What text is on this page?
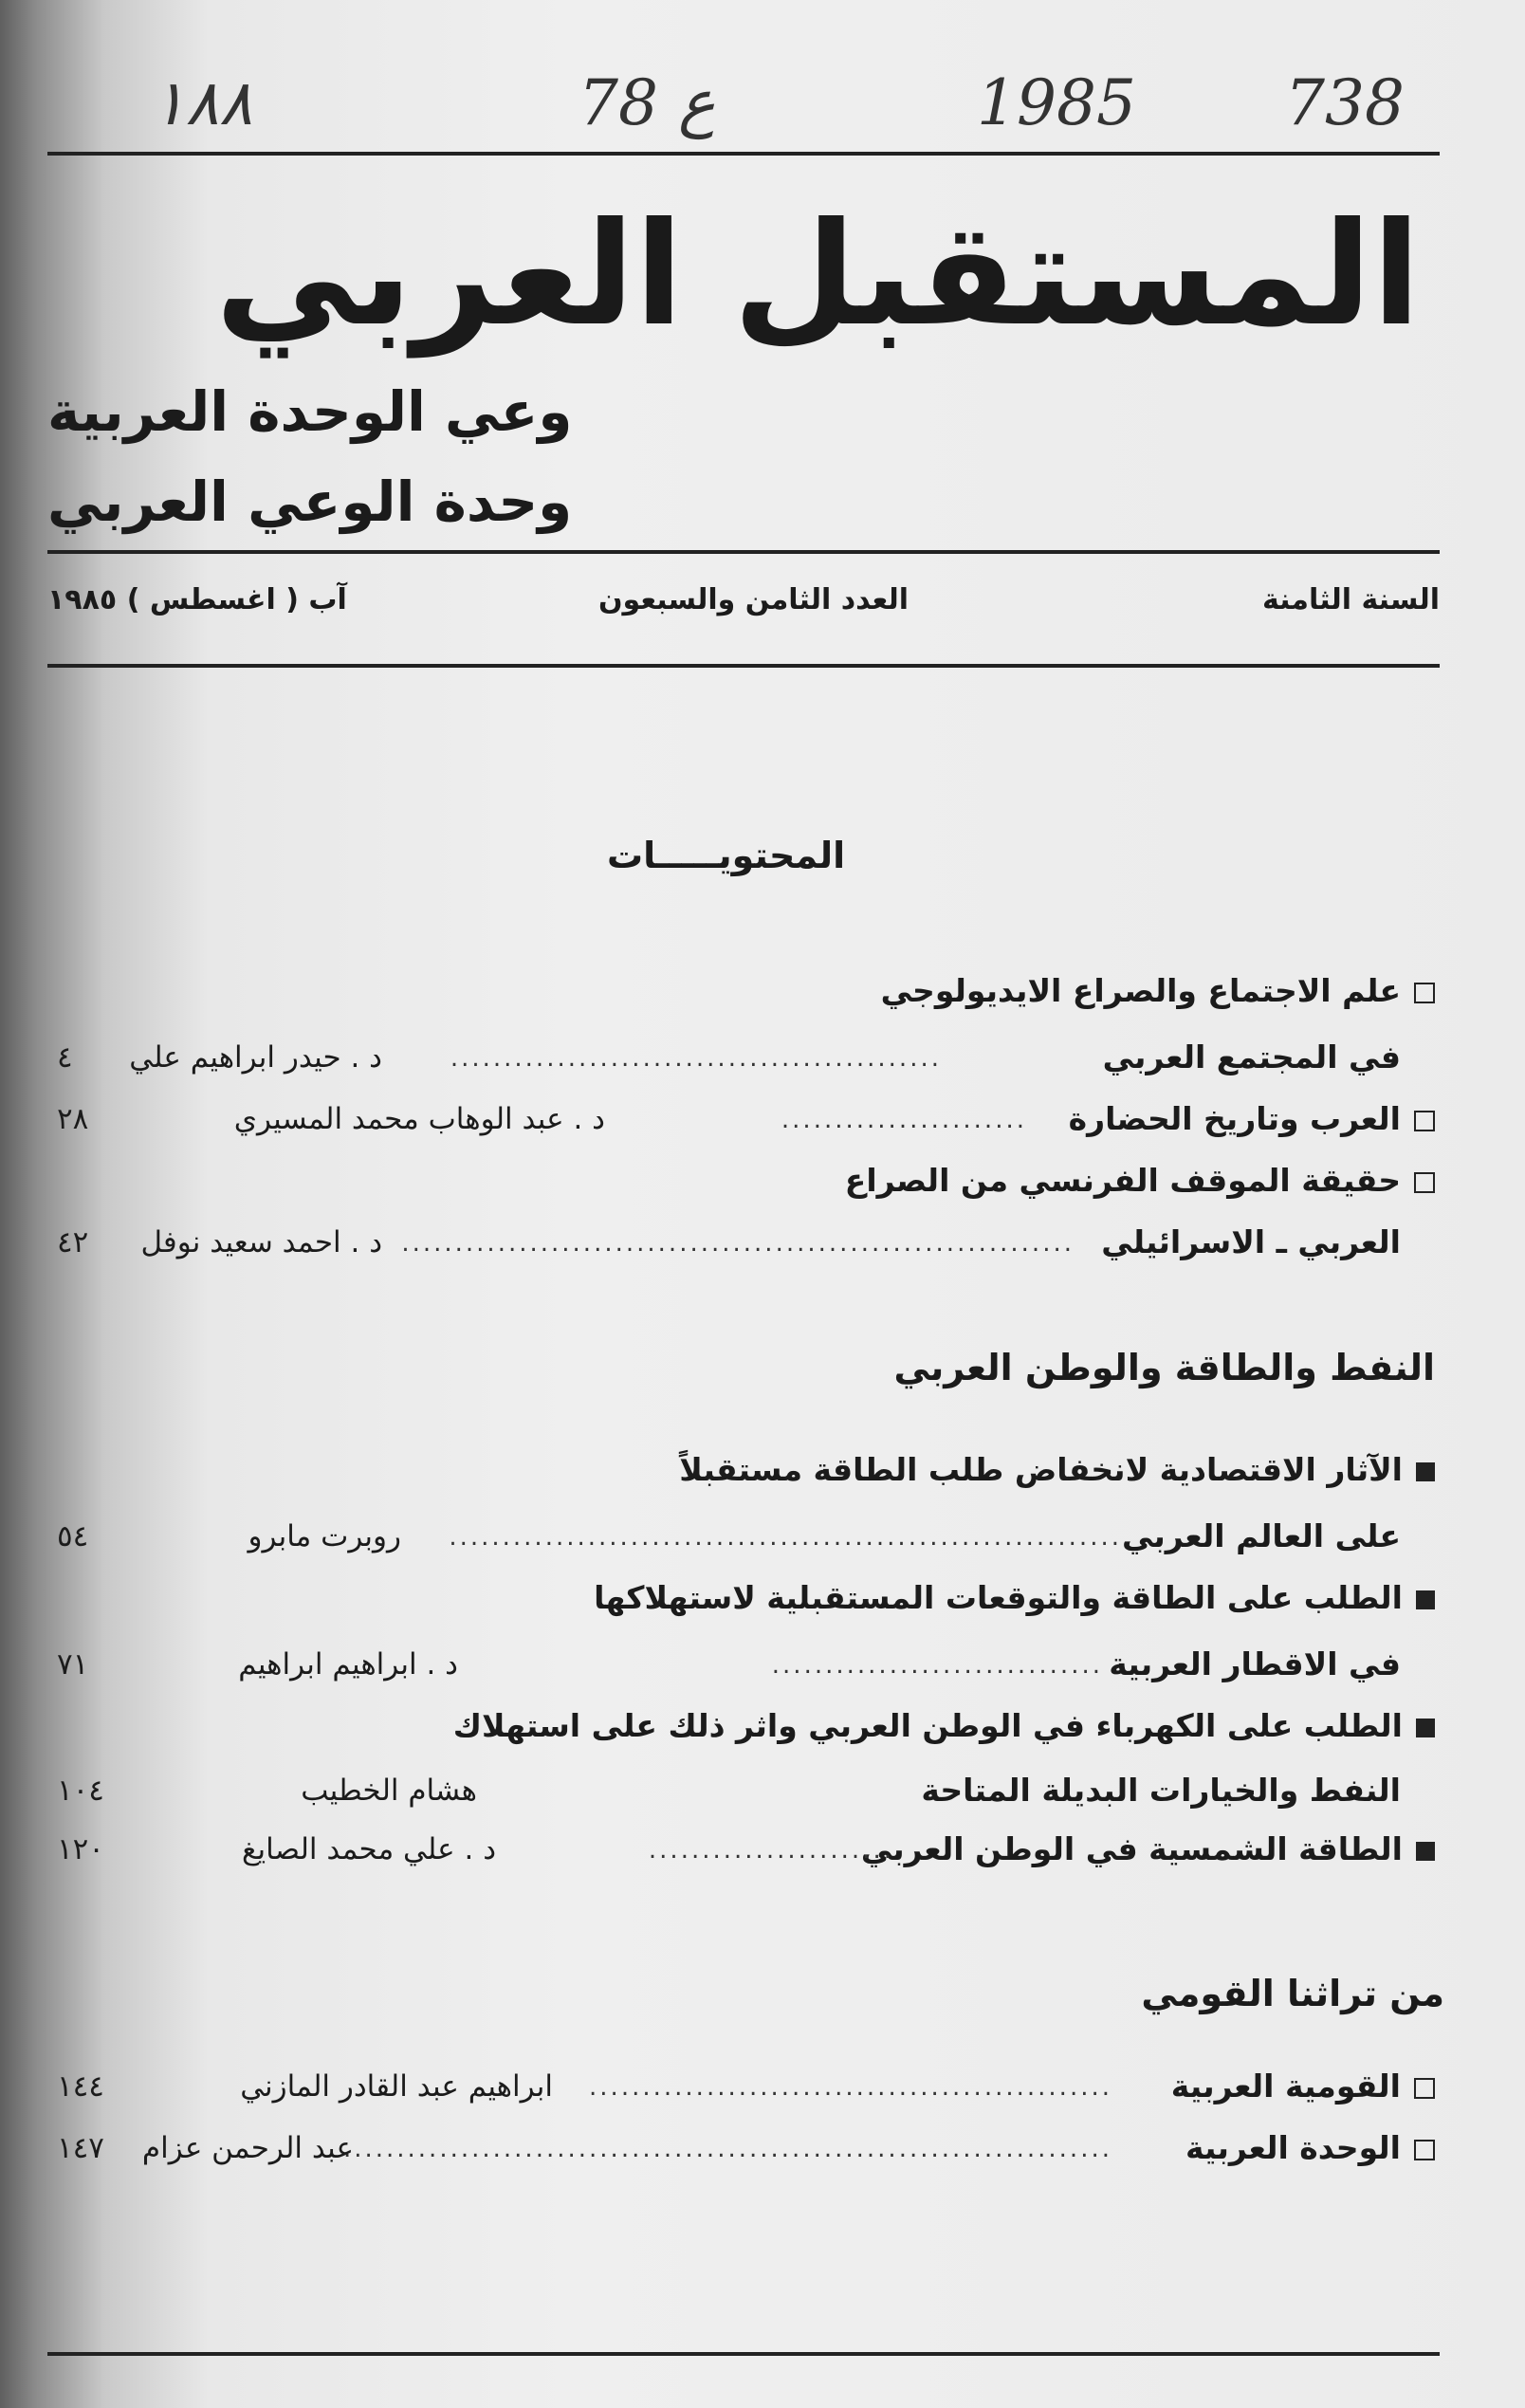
738
1985
78 ع
١٨٨
المستقبل العربي
وعي الوحدة العربية
وحدة الوعي العربي
السنة الثامنة
العدد الثامن والسبعون
آب ( اغسطس ) ١٩٨٥
المحتويـــــات
علم الاجتماع والصراع الايديولوجي
في المجتمع العربي
..............................................
د . حيدر ابراهيم علي
٤
العرب وتاريخ الحضارة
.......................
د . عبد الوهاب محمد المسيري
٢٨
حقيقة الموقف الفرنسي من الصراع
العربي ـ الاسرائيلي
...............................................................
د . احمد سعيد نوفل
٤٢
النفط والطاقة والوطن العربي
الآثار الاقتصادية لانخفاض طلب الطاقة مستقبلاً
على العالم العربي
...............................................................
روبرت مابرو
٥٤
الطلب على الطاقة والتوقعات المستقبلية لاستهلاكها
في الاقطار العربية
...............................
د . ابراهيم ابراهيم
٧١
الطلب على الكهرباء في الوطن العربي واثر ذلك على استهلاك
النفط والخيارات البديلة المتاحة
هشام الخطيب
١٠٤
الطاقة الشمسية في الوطن العربي
.......................
د . علي محمد الصايغ
١٢٠
من تراثنا القومي
القومية العربية
.................................................
ابراهيم عبد القادر المازني
١٤٤
الوحدة العربية
........................................................................
عبد الرحمن عزام
١٤٧
